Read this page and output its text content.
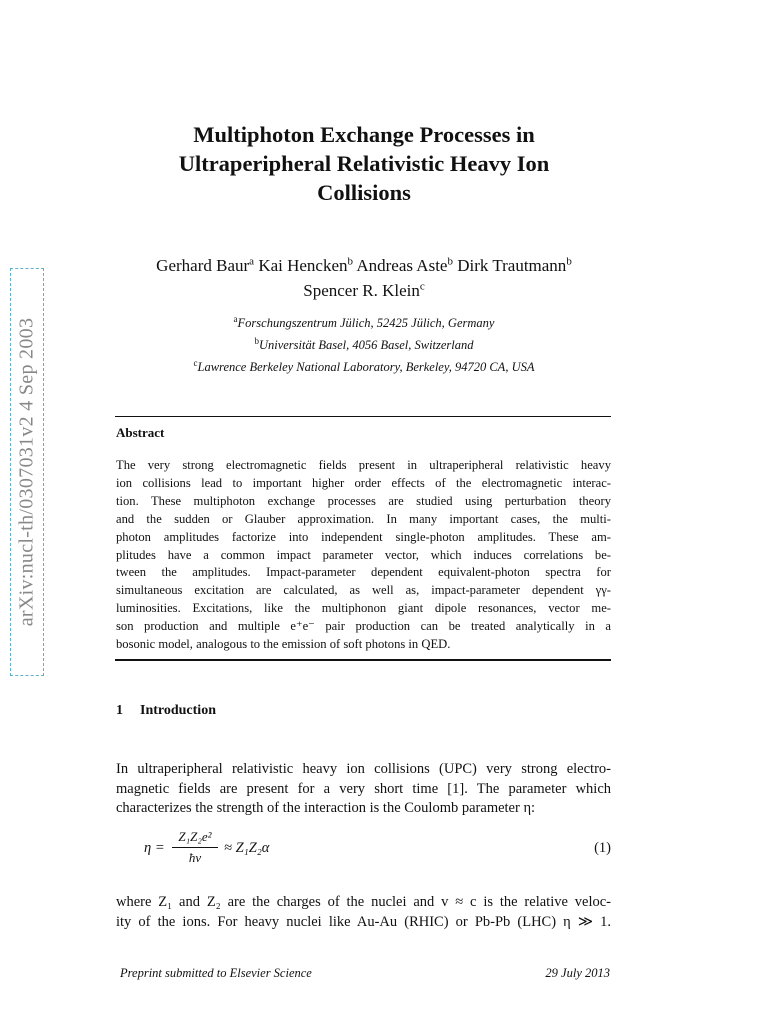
arXiv:nucl-th/0307031v2 4 Sep 2003
Multiphoton Exchange Processes in
Ultraperipheral Relativistic Heavy Ion
Collisions
Gerhard Baur$^a$ Kai Hencken$^b$ Andreas Aste$^b$ Dirk Trautmann$^b$
Spencer R. Klein$^c$
$^a$Forschungszentrum Jülich, 52425 Jülich, Germany
$^b$Universität Basel, 4056 Basel, Switzerland
$^c$Lawrence Berkeley National Laboratory, Berkeley, 94720 CA, USA
Abstract
The very strong electromagnetic fields present in ultraperipheral relativistic heavy
ion collisions lead to important higher order effects of the electromagnetic interac-
tion. These multiphoton exchange processes are studied using perturbation theory
and the sudden or Glauber approximation. In many important cases, the multi-
photon amplitudes factorize into independent single-photon amplitudes. These am-
plitudes have a common impact parameter vector, which induces correlations be-
tween the amplitudes. Impact-parameter dependent equivalent-photon spectra for
simultaneous excitation are calculated, as well as, impact-parameter dependent γγ-
luminosities. Excitations, like the multiphonon giant dipole resonances, vector me-
son production and multiple e⁺e⁻ pair production can be treated analytically in a
bosonic model, analogous to the emission of soft photons in QED.
1 Introduction
In ultraperipheral relativistic heavy ion collisions (UPC) very strong electro-
magnetic fields are present for a very short time [1]. The parameter which
characterizes the strength of the interaction is the Coulomb parameter η:
η =
Z₁Z₂e²
ħv
≈ Z₁Z₂α	(1)
where Z₁ and Z₂ are the charges of the nuclei and v ≈ c is the relative veloc-
ity of the ions. For heavy nuclei like Au-Au (RHIC) or Pb-Pb (LHC) η ≫ 1.
Preprint submitted to Elsevier Science	29 July 2013
